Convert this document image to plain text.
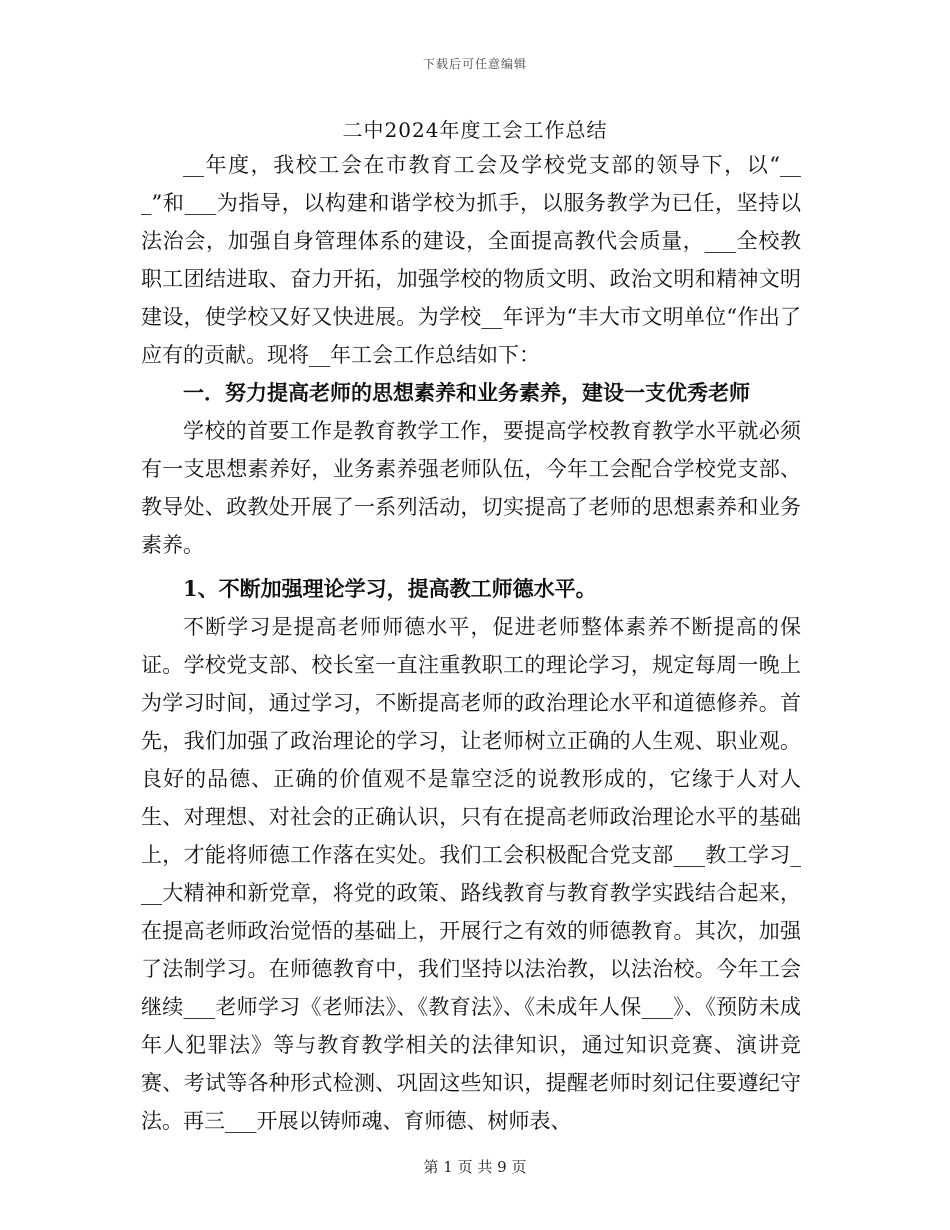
下载后可任意编辑
二中2024年度工会工作总结

__年度，我校工会在市教育工会及学校党支部的领导下，以“__ _”和___为指导，以构建和谐学校为抓手，以服务教学为已任，坚持以法治会，加强自身管理体系的建设，全面提高教代会质量，___全校教职工团结进取、奋力开拓，加强学校的物质文明、政治文明和精神文明建设，使学校又好又快进展。为学校__年评为“丰大市文明单位“作出了应有的贡献。现将__年工会工作总结如下：

一．努力提高老师的思想素养和业务素养，建设一支优秀老师

学校的首要工作是教育教学工作，要提高学校教育教学水平就必须有一支思想素养好，业务素养强老师队伍，今年工会配合学校党支部、教导处、政教处开展了一系列活动，切实提高了老师的思想素养和业务素养。

1、不断加强理论学习，提高教工师德水平。

不断学习是提高老师师德水平，促进老师整体素养不断提高的保证。学校党支部、校长室一直注重教职工的理论学习，规定每周一晚上为学习时间，通过学习，不断提高老师的政治理论水平和道德修养。首先，我们加强了政治理论的学习，让老师树立正确的人生观、职业观。良好的品德、正确的价值观不是靠空泛的说教形成的，它缘于人对人生、对理想、对社会的正确认识，只有在提高老师政治理论水平的基础上，才能将师德工作落在实处。我们工会积极配合党支部___教工学习___大精神和新党章，将党的政策、路线教育与教育教学实践结合起来，在提高老师政治觉悟的基础上，开展行之有效的师德教育。其次，加强了法制学习。在师德教育中，我们坚持以法治教，以法治校。今年工会继续___老师学习《老师法》、《教育法》、《未成年人保___》、《预防未成年人犯罪法》等与教育教学相关的法律知识，通过知识竞赛、演讲竞赛、考试等各种形式检测、巩固这些知识，提醒老师时刻记住要遵纪守法。再三___开展以铸师魂、育师德、树师表、

第 1 页 共 9 页
